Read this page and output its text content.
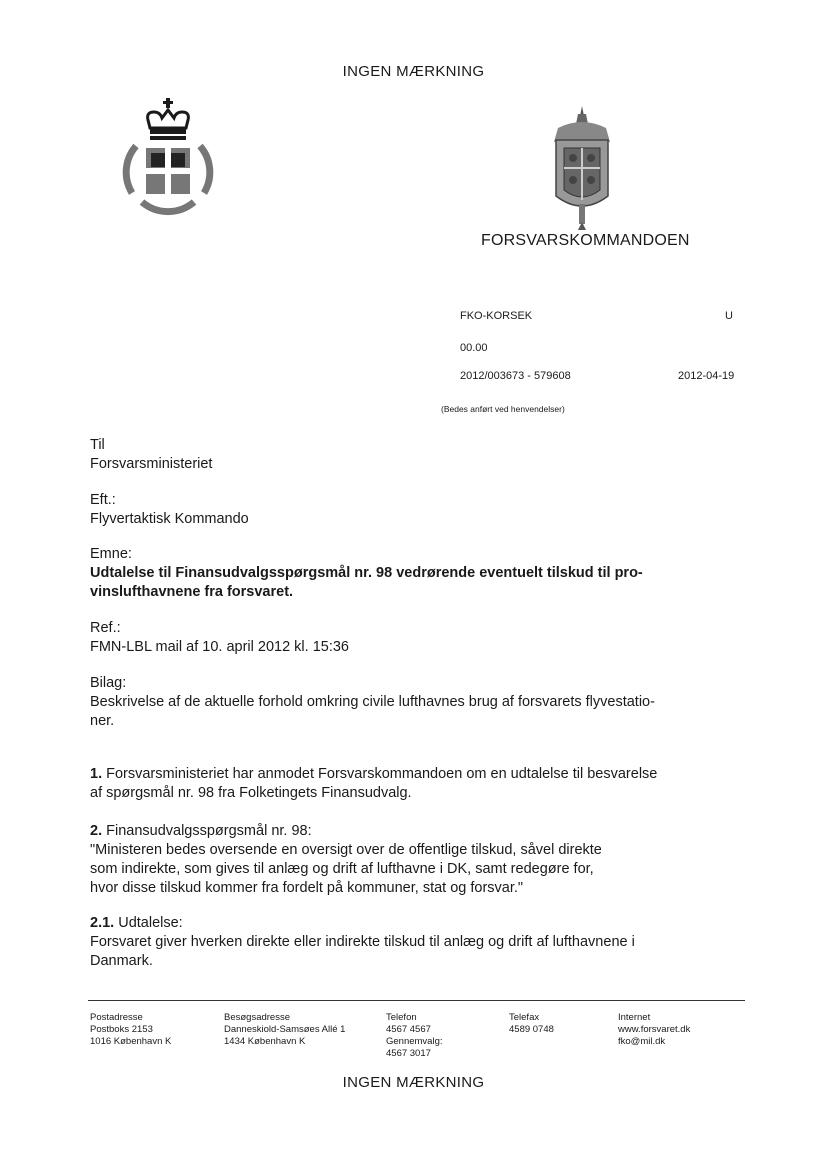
INGEN MÆRKNING
FORSVARSKOMMANDOEN
FKO-KORSEK	U
00.00
2012/003673 - 579608	2012-04-19
(Bedes anført ved henvendelser)
Til
Forsvarsministeriet
Eft.:
Flyvertaktisk Kommando
Emne:
Udtalelse til Finansudvalgsspørgsmål nr. 98 vedrørende eventuelt tilskud til pro-
vinslufthavnene fra forsvaret.
Ref.:
FMN-LBL mail af 10. april 2012 kl. 15:36
Bilag:
Beskrivelse af de aktuelle forhold omkring civile lufthavnes brug af forsvarets flyvestatio-
ner.
1. Forsvarsministeriet har anmodet Forsvarskommandoen om en udtalelse til besvarelse
af spørgsmål nr. 98 fra Folketingets Finansudvalg.
2. Finansudvalgsspørgsmål nr. 98:
"Ministeren bedes oversende en oversigt over de offentlige tilskud, såvel direkte
som indirekte, som gives til anlæg og drift af lufthavne i DK, samt redegøre for,
hvor disse tilskud kommer fra fordelt på kommuner, stat og forsvar."
2.1. Udtalelse:
Forsvaret giver hverken direkte eller indirekte tilskud til anlæg og drift af lufthavnene i
Danmark.
Postadresse
Postboks 2153
1016 København K
Besøgsadresse
Danneskiold-Samsøes Allé 1
1434 København K
Telefon
4567 4567
Gennemvalg:
4567 3017
Telefax
4589 0748
Internet
www.forsvaret.dk
fko@mil.dk
INGEN MÆRKNING
